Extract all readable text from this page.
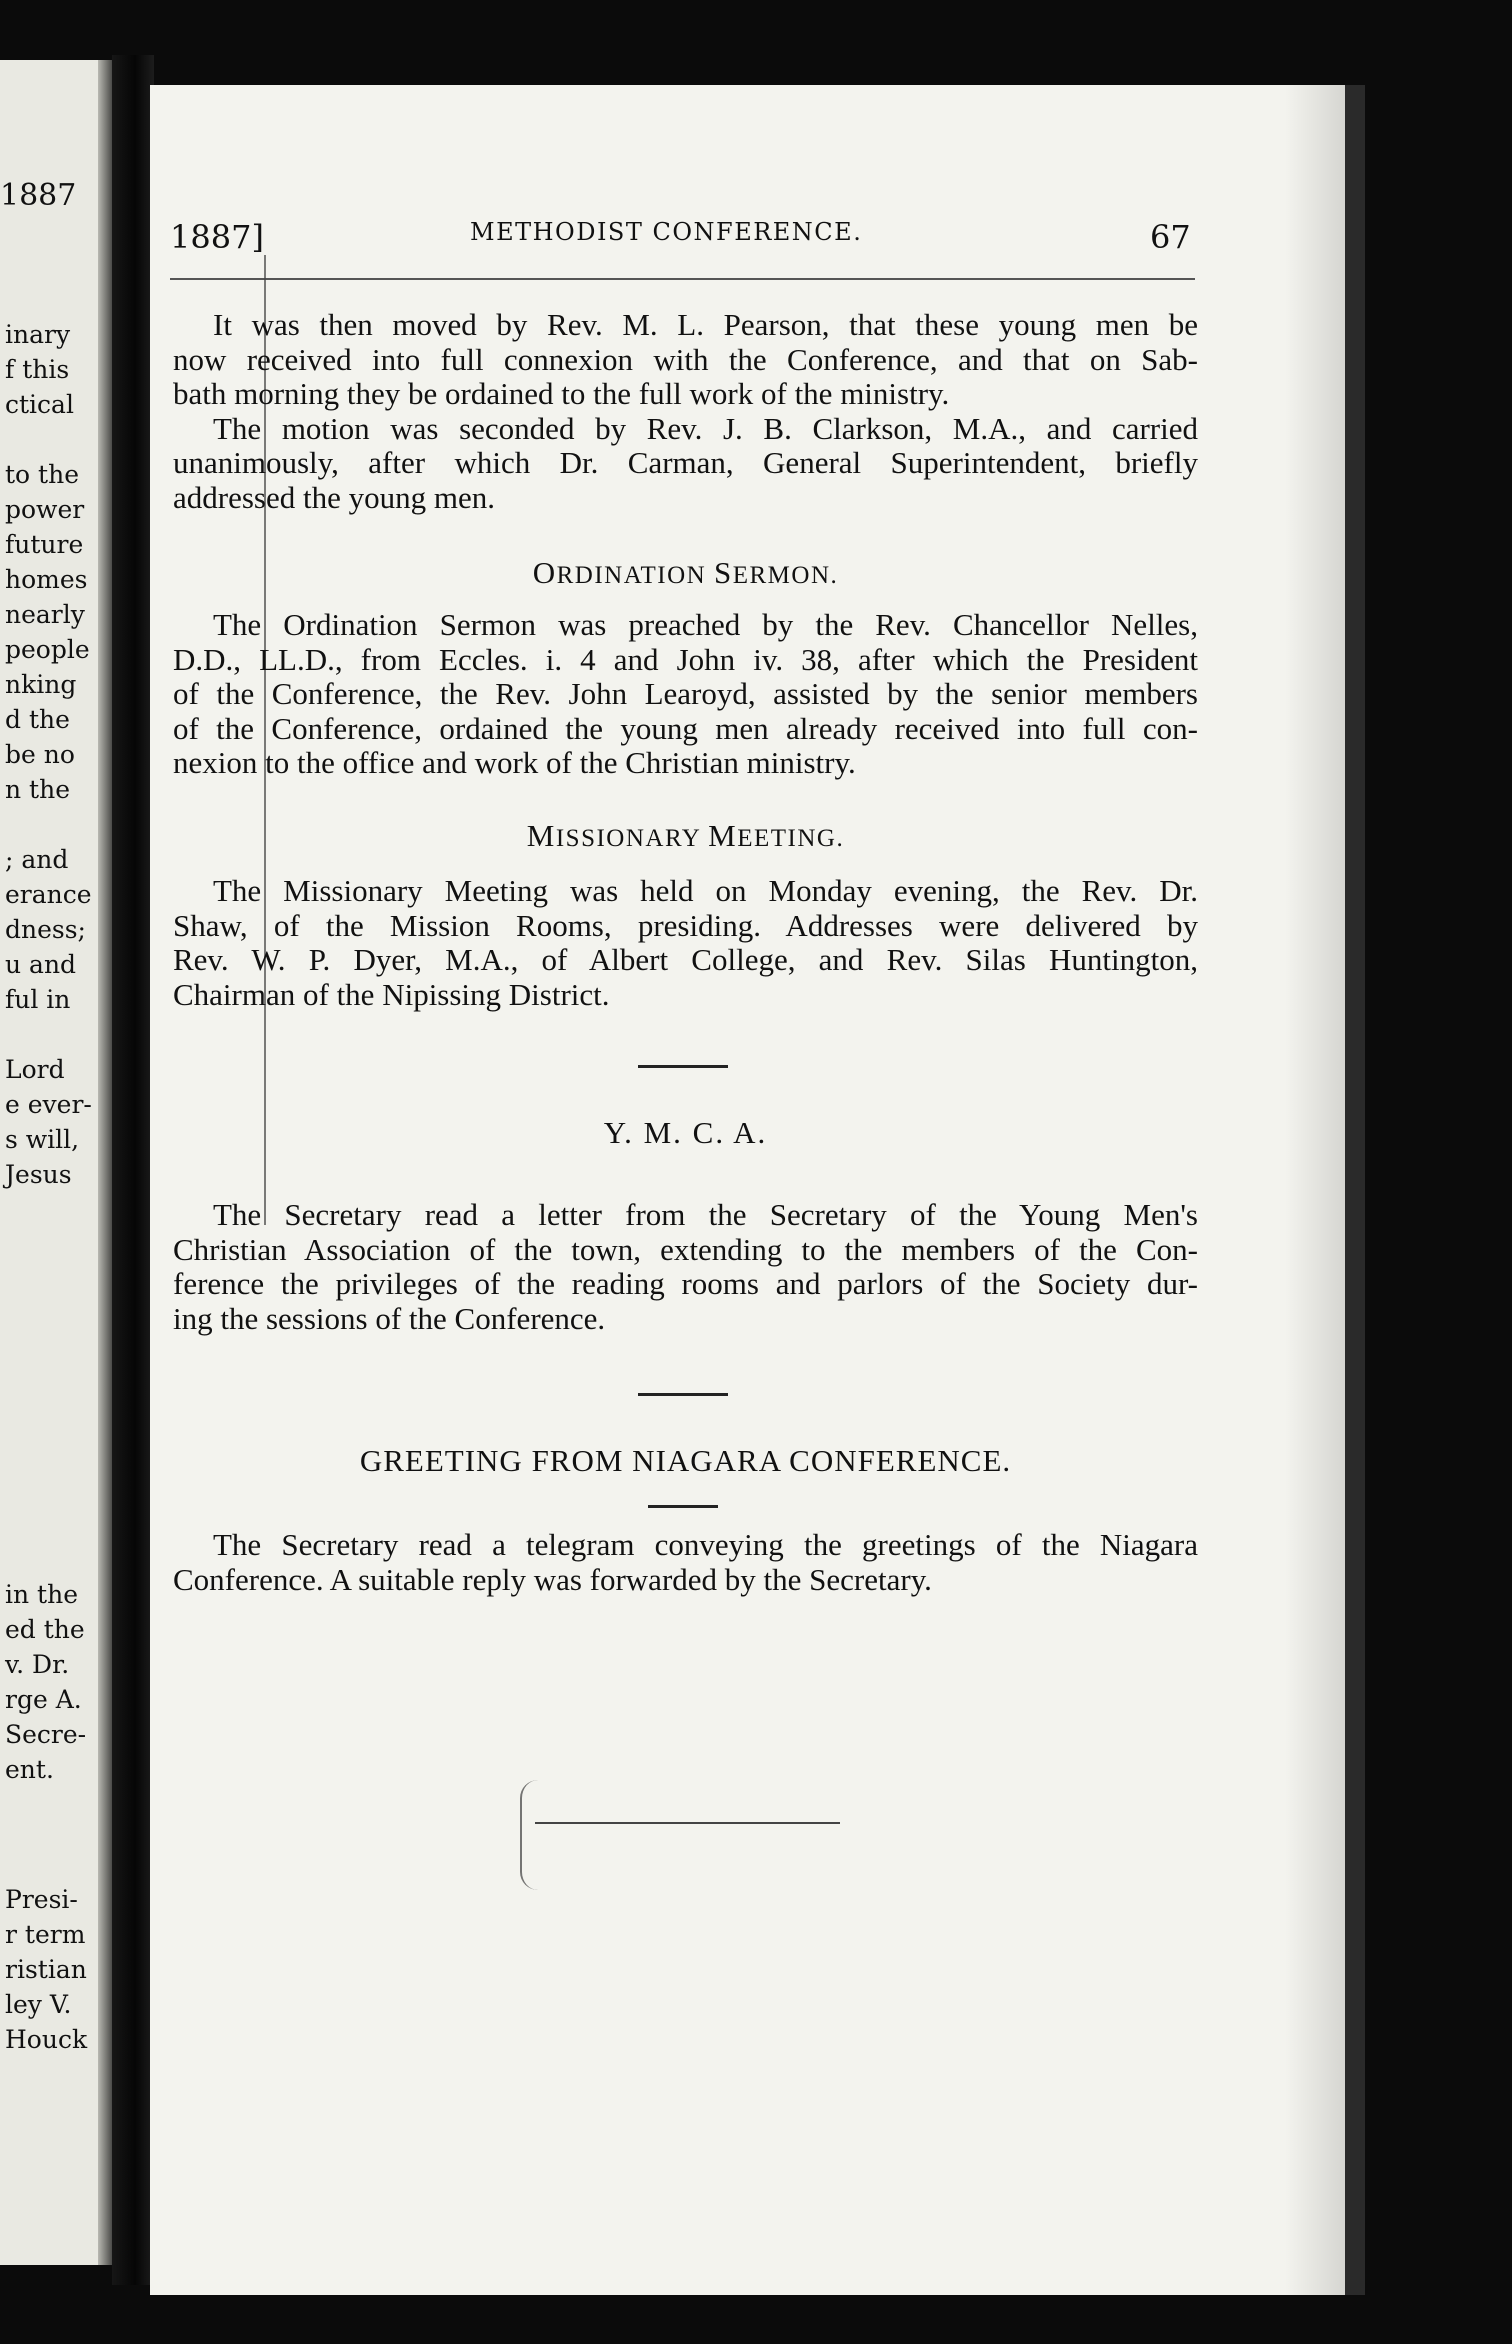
1887
inary
f this
ctical
to the
power
future
homes
nearly
people
nking
d the
be no
n the
; and
erance
dness;
u and
ful in
Lord
e ever-
s will,
Jesus
in the
ed the
v. Dr.
rge A.
Secre-
ent.
Presi-
r term
ristian
ley V.
Houck
1887]	METHODIST CONFERENCE.	67
It was then moved by Rev. M. L. Pearson, that these young men be
now received into full connexion with the Conference, and that on Sab-
bath morning they be ordained to the full work of the ministry.
The motion was seconded by Rev. J. B. Clarkson, M.A., and carried
unanimously, after which Dr. Carman, General Superintendent, briefly
addressed the young men.
ORDINATION SERMON.
The Ordination Sermon was preached by the Rev. Chancellor Nelles,
D.D., LL.D., from Eccles. i. 4 and John iv. 38, after which the President
of the Conference, the Rev. John Learoyd, assisted by the senior members
of the Conference, ordained the young men already received into full con-
nexion to the office and work of the Christian ministry.
MISSIONARY MEETING.
The Missionary Meeting was held on Monday evening, the Rev. Dr.
Shaw, of the Mission Rooms, presiding. Addresses were delivered by
Rev. W. P. Dyer, M.A., of Albert College, and Rev. Silas Huntington,
Chairman of the Nipissing District.
Y. M. C. A.
The Secretary read a letter from the Secretary of the Young Men's
Christian Association of the town, extending to the members of the Con-
ference the privileges of the reading rooms and parlors of the Society dur-
ing the sessions of the Conference.
GREETING FROM NIAGARA CONFERENCE.
The Secretary read a telegram conveying the greetings of the Niagara
Conference. A suitable reply was forwarded by the Secretary.
